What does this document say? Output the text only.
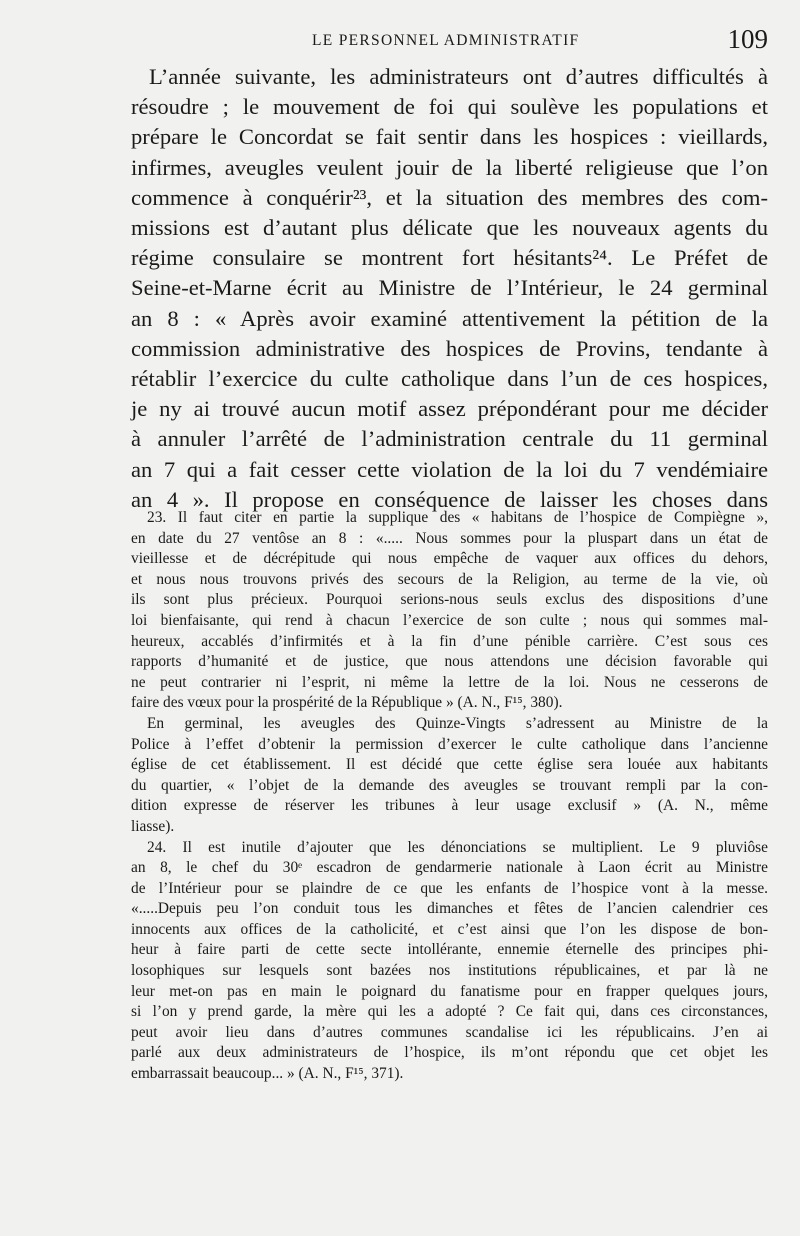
LE PERSONNEL ADMINISTRATIF	109
L’année suivante, les administrateurs ont d’autres difficultés à
résoudre ; le mouvement de foi qui soulève les populations et
prépare le Concordat se fait sentir dans les hospices : vieillards,
infirmes, aveugles veulent jouir de la liberté religieuse que l’on
commence à conquérir²³, et la situation des membres des com-
missions est d’autant plus délicate que les nouveaux agents du
régime consulaire se montrent fort hésitants²⁴. Le Préfet de
Seine-et-Marne écrit au Ministre de l’Intérieur, le 24 germinal
an 8 : « Après avoir examiné attentivement la pétition de la
commission administrative des hospices de Provins, tendante à
rétablir l’exercice du culte catholique dans l’un de ces hospices,
je ny ai trouvé aucun motif assez prépondérant pour me décider
à annuler l’arrêté de l’administration centrale du 11 germinal
an 7 qui a fait cesser cette violation de la loi du 7 vendémiaire
an 4 ». Il propose en conséquence de laisser les choses dans
23. Il faut citer en partie la supplique des « habitans de l’hospice de Compiègne »,
en date du 27 ventôse an 8 : «..... Nous sommes pour la pluspart dans un état de
vieillesse et de décrépitude qui nous empêche de vaquer aux offices du dehors,
et nous nous trouvons privés des secours de la Religion, au terme de la vie, où
ils sont plus précieux. Pourquoi serions-nous seuls exclus des dispositions d’une
loi bienfaisante, qui rend à chacun l’exercice de son culte ; nous qui sommes mal-
heureux, accablés d’infirmités et à la fin d’une pénible carrière. C’est sous ces
rapports d’humanité et de justice, que nous attendons une décision favorable qui
ne peut contrarier ni l’esprit, ni même la lettre de la loi. Nous ne cesserons de
faire des vœux pour la prospérité de la République » (A. N., F¹⁵, 380).
En germinal, les aveugles des Quinze-Vingts s’adressent au Ministre de la
Police à l’effet d’obtenir la permission d’exercer le culte catholique dans l’ancienne
église de cet établissement. Il est décidé que cette église sera louée aux habitants
du quartier, « l’objet de la demande des aveugles se trouvant rempli par la con-
dition expresse de réserver les tribunes à leur usage exclusif » (A. N., même
liasse).
24. Il est inutile d’ajouter que les dénonciations se multiplient. Le 9 pluviôse
an 8, le chef du 30ᵉ escadron de gendarmerie nationale à Laon écrit au Ministre
de l’Intérieur pour se plaindre de ce que les enfants de l’hospice vont à la messe.
«.....Depuis peu l’on conduit tous les dimanches et fêtes de l’ancien calendrier ces
innocents aux offices de la catholicité, et c’est ainsi que l’on les dispose de bon-
heur à faire parti de cette secte intollérante, ennemie éternelle des principes phi-
losophiques sur lesquels sont bazées nos institutions républicaines, et par là ne
leur met-on pas en main le poignard du fanatisme pour en frapper quelques jours,
si l’on y prend garde, la mère qui les a adopté ? Ce fait qui, dans ces circonstances,
peut avoir lieu dans d’autres communes scandalise ici les républicains. J’en ai
parlé aux deux administrateurs de l’hospice, ils m’ont répondu que cet objet les
embarrassait beaucoup... » (A. N., F¹⁵, 371).
